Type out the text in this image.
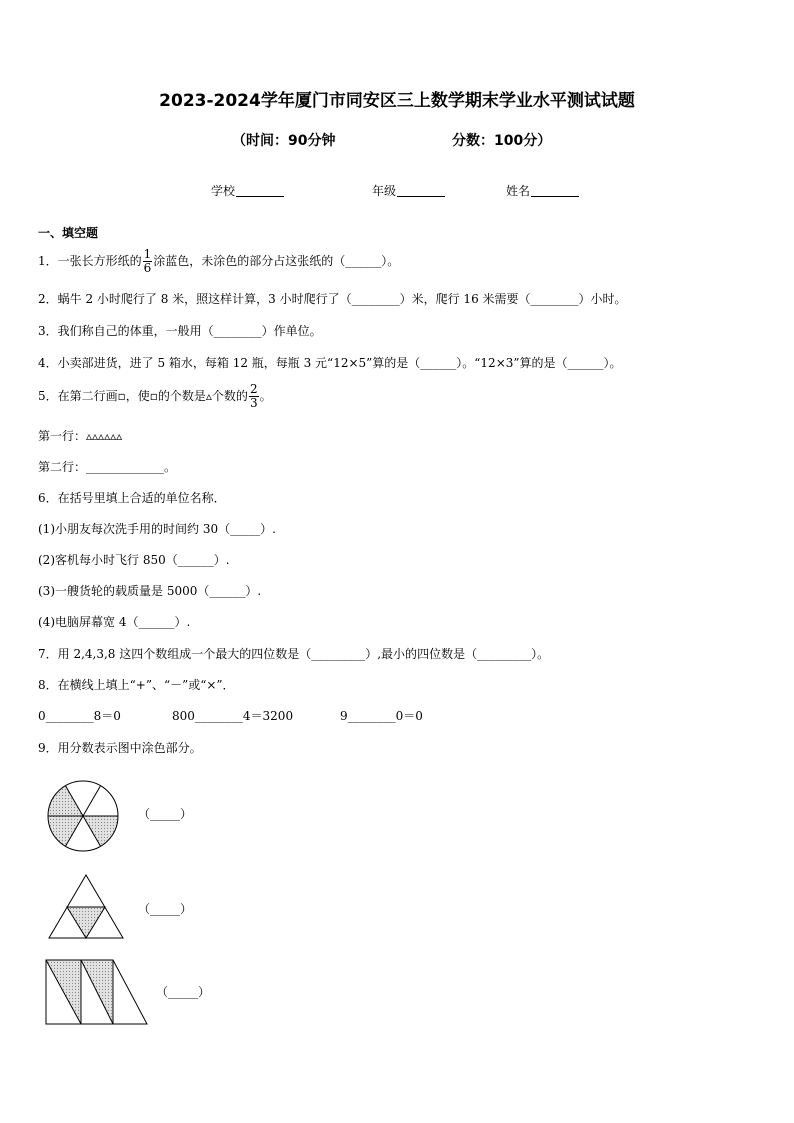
2023-2024学年厦门市同安区三上数学期末学业水平测试试题
（时间：90分钟	分数：100分）
学校	年级	姓名
一、填空题
1．一张长方形纸的 $\frac{1}{6}$ 涂蓝色，未涂色的部分占这张纸的（______）。
2．蜗牛 2 小时爬行了 8 米，照这样计算，3 小时爬行了（________）米，爬行 16 米需要（________）小时。
3．我们称自己的体重，一般用（________）作单位。
4．小卖部进货，进了 5 箱水，每箱 12 瓶，每瓶 3 元“12×5”算的是（______）。“12×3”算的是（______）。
5．在第二行画▫，使▫的个数是▵个数的 $\frac{2}{3}$ 。
第一行：▵▵▵▵▵▵
第二行：_____________。
6．在括号里填上合适的单位名称．
(1)小朋友每次洗手用的时间约 30（_____）.
(2)客机每小时飞行 850（______）.
(3)一艘货轮的载质量是 5000（______）.
(4)电脑屏幕宽 4（______）.
7．用 2,4,3,8 这四个数组成一个最大的四位数是（_________）,最小的四位数是（_________）。
8．在横线上填上“+”、“－”或“×”．
0________8＝0	800________4＝3200	9________0＝0
9．用分数表示图中涂色部分。
（_____）
（_____）
（_____）
